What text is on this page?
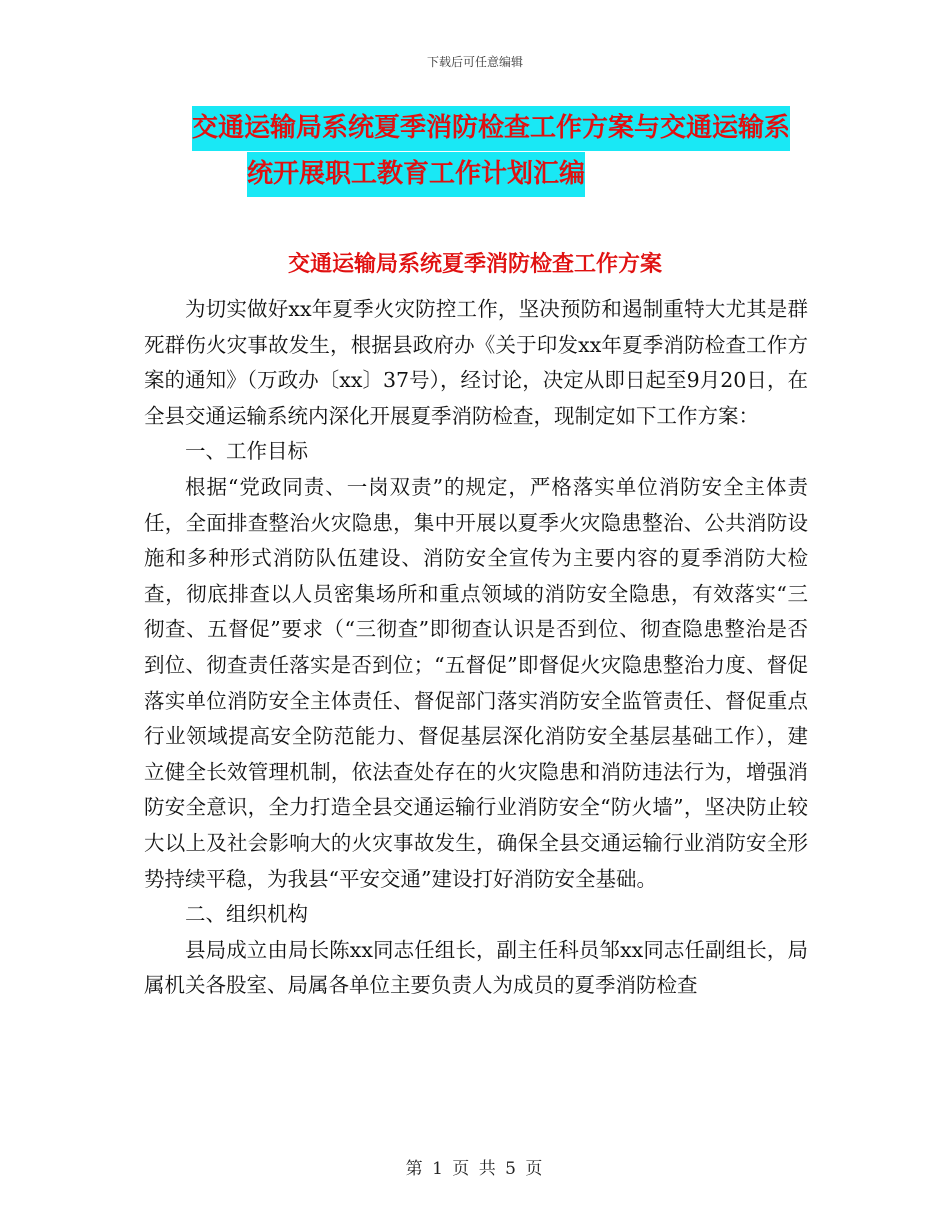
下载后可任意编辑
交通运输局系统夏季消防检查工作方案与交通运输系
统开展职工教育工作计划汇编
交通运输局系统夏季消防检查工作方案

为切实做好xx年夏季火灾防控工作，坚决预防和遏制重特大尤其是群死群伤火灾事故发生，根据县政府办《关于印发xx年夏季消防检查工作方案的通知》（万政办〔xx〕37号），经讨论，决定从即日起至9月20日，在全县交通运输系统内深化开展夏季消防检查，现制定如下工作方案：

一、工作目标

根据“党政同责、一岗双责”的规定，严格落实单位消防安全主体责任，全面排查整治火灾隐患，集中开展以夏季火灾隐患整治、公共消防设施和多种形式消防队伍建设、消防安全宣传为主要内容的夏季消防大检查，彻底排查以人员密集场所和重点领域的消防安全隐患，有效落实“三彻查、五督促”要求（“三彻查”即彻查认识是否到位、彻查隐患整治是否到位、彻查责任落实是否到位；“五督促”即督促火灾隐患整治力度、督促落实单位消防安全主体责任、督促部门落实消防安全监管责任、督促重点行业领域提高安全防范能力、督促基层深化消防安全基层基础工作），建立健全长效管理机制，依法查处存在的火灾隐患和消防违法行为，增强消防安全意识，全力打造全县交通运输行业消防安全“防火墙”，坚决防止较大以上及社会影响大的火灾事故发生，确保全县交通运输行业消防安全形势持续平稳，为我县“平安交通”建设打好消防安全基础。

二、组织机构

县局成立由局长陈xx同志任组长，副主任科员邹xx同志任副组长，局属机关各股室、局属各单位主要负责人为成员的夏季消防检查

第 1 页 共 5 页
